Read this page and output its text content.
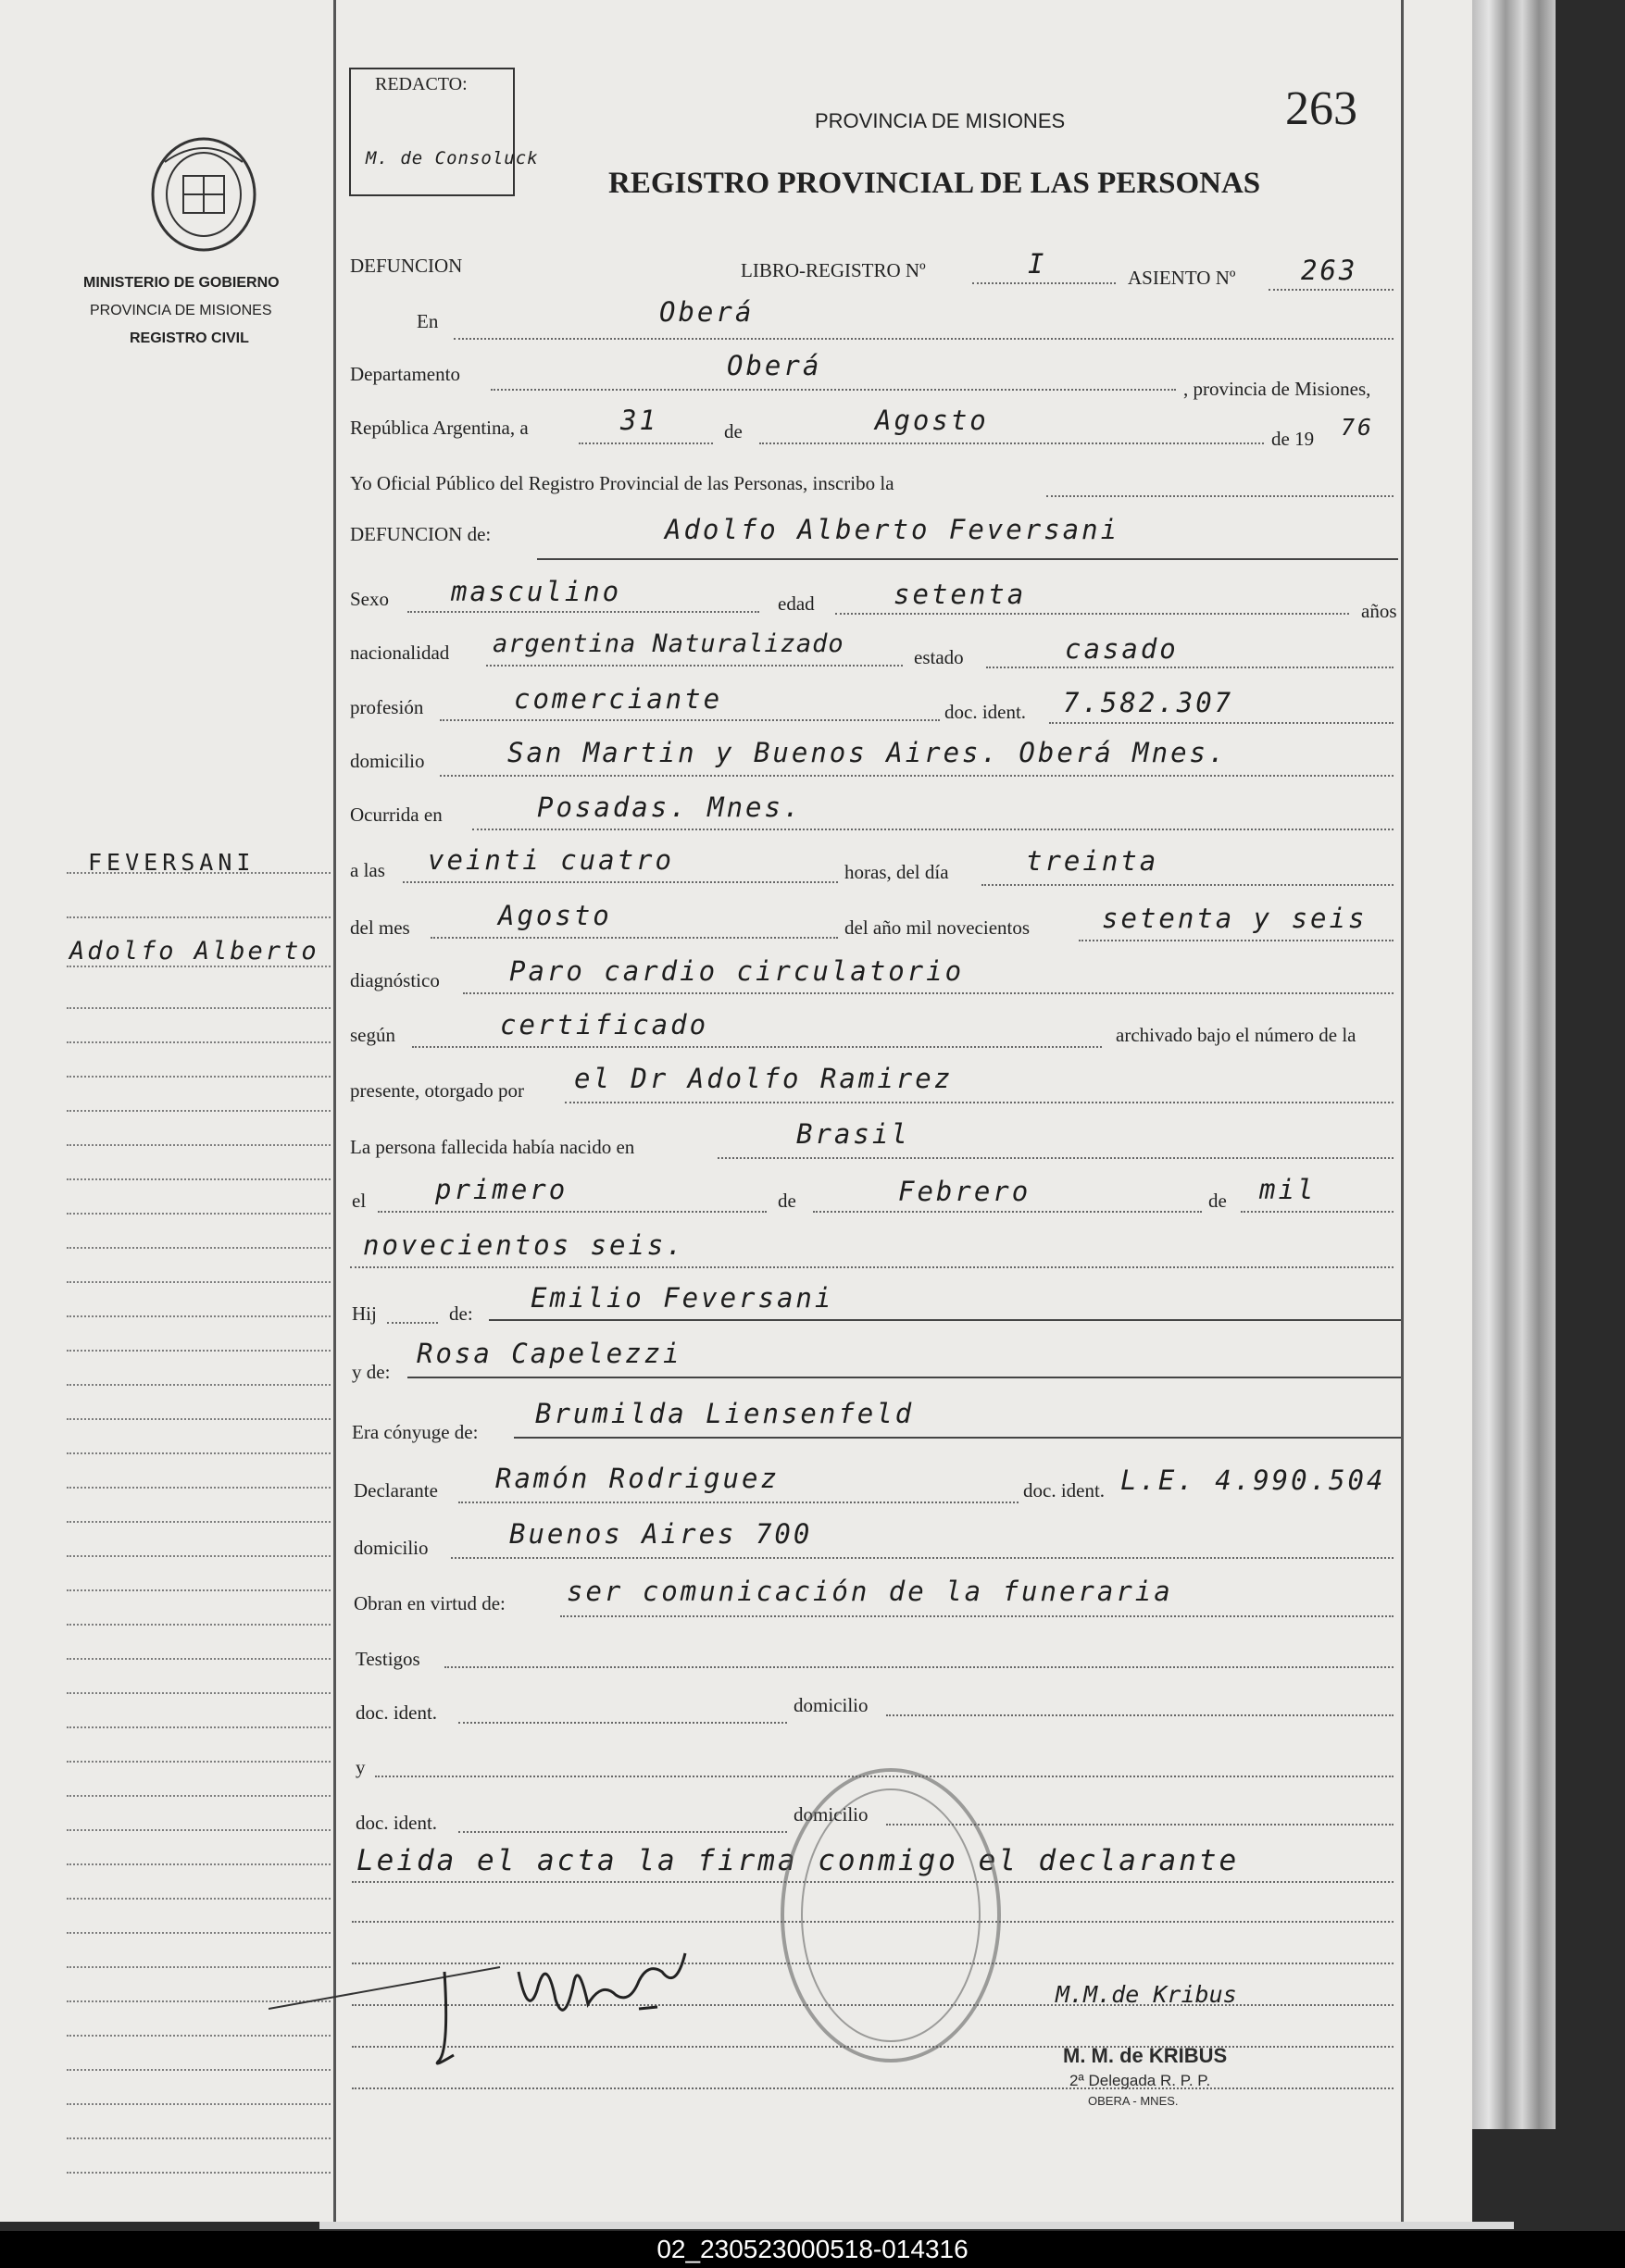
MINISTERIO DE GOBIERNO
PROVINCIA DE MISIONES
REGISTRO CIVIL
FEVERSANI
Adolfo Alberto
REDACTO:
M. de Consoluck
PROVINCIA DE MISIONES	263
REGISTRO PROVINCIAL DE LAS PERSONAS
DEFUNCION	LIBRO-REGISTRO Nº	I	ASIENTO Nº 263
En	Oberá
Departamento	Oberá
, provincia de Misiones,
República Argentina, a	31	de	Agosto
de 19 76
Yo Oficial Público del Registro Provincial de las Personas, inscribo la
DEFUNCION de:	Adolfo Alberto Feversani
Sexo masculino	edad	setenta
años
nacionalidad argentina Naturalizado	estado	casado
profesión	comerciante	doc. ident. 7.582.307
domicilio	San Martin y Buenos Aires. Oberá Mnes.
Ocurrida en	Posadas. Mnes.
a las veinti cuatro	horas, del día	treinta
del mes	Agosto	del año mil novecientos	setenta y seis
diagnóstico	Paro cardio circulatorio
según	certificado	archivado bajo el número de la
presente, otorgado por el Dr Adolfo Ramirez
La persona fallecida había nacido en	Brasil
el	primero	de	Febrero	de mil
novecientos seis.
Hij	de: Emilio Feversani
y de:
Rosa Capelezzi
Era cónyuge de:
Brumilda Liensenfeld
Declarante Ramón Rodriguez	doc. ident. L.E. 4.990.504
domicilio	Buenos Aires 700
Obran en virtud de: ser comunicación de la funeraria
Testigos
doc. ident.	domicilio
y
doc. ident.	domicilio
Leida el acta la firma conmigo el declarante
M.M.de Kribus
M. M. de KRIBUS
2ª Delegada R. P. P.
OBERA - MNES.
02_230523000518-014316
